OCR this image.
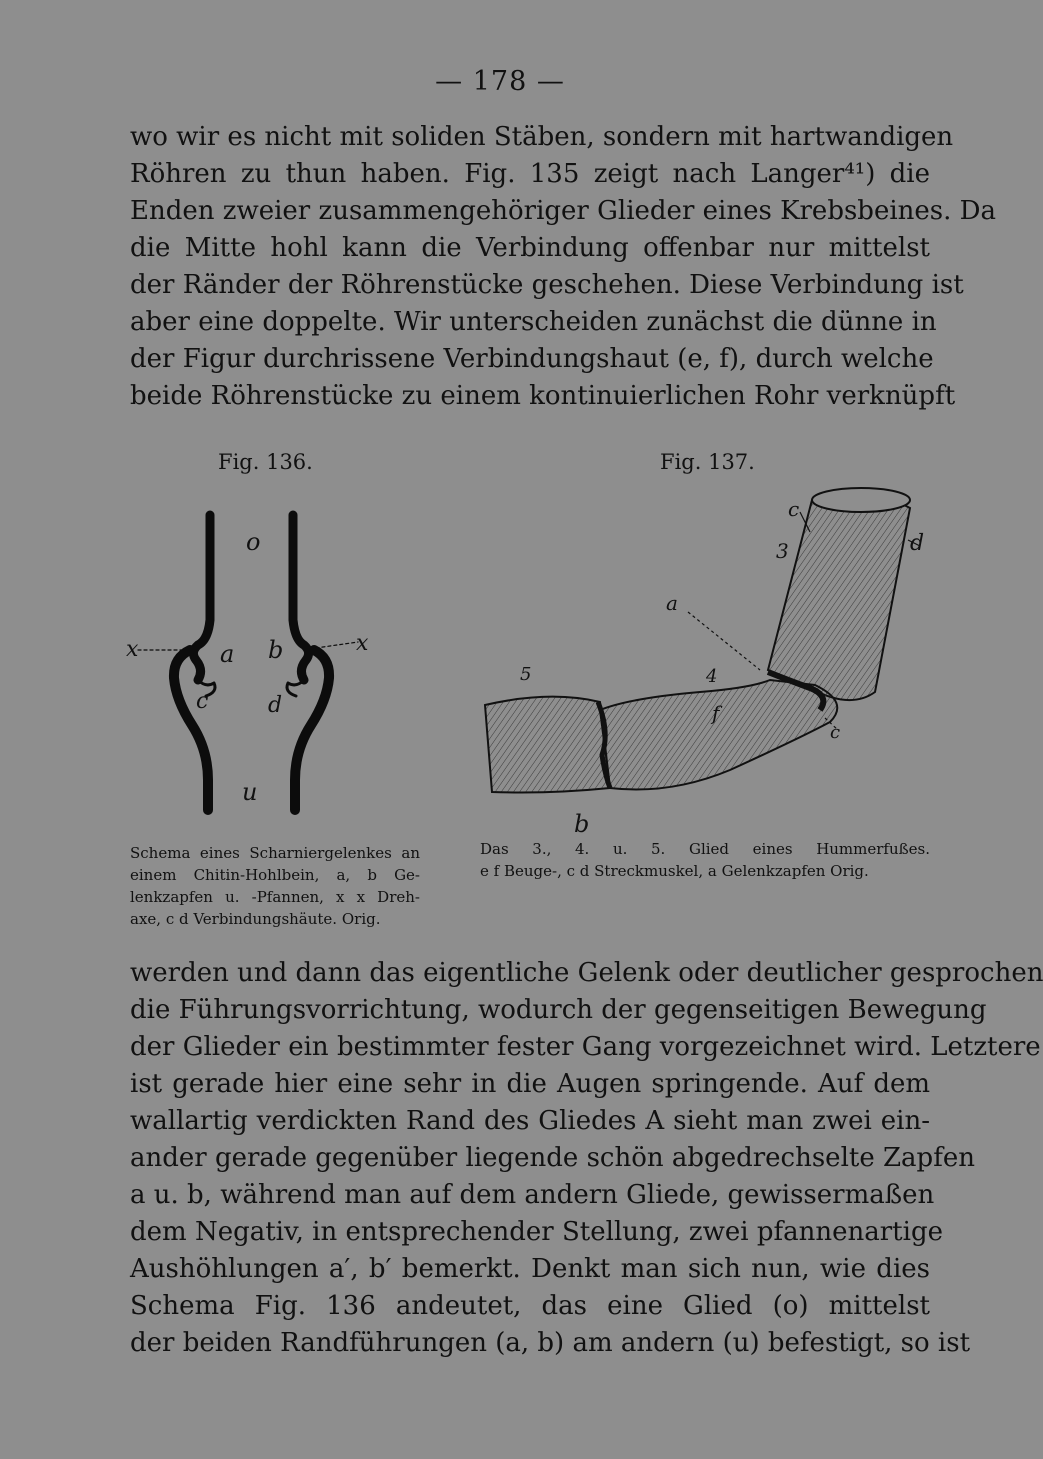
— 178 —
wo wir es nicht mit soliden Stäben, sondern mit hartwandigen
Röhren zu thun haben. Fig. 135 zeigt nach Langer⁴¹) die
Enden zweier zusammengehöriger Glieder eines Krebsbeines. Da
die Mitte hohl kann die Verbindung offenbar nur mittelst
der Ränder der Röhrenstücke geschehen. Diese Verbindung ist
aber eine doppelte. Wir unterscheiden zunächst die dünne in
der Figur durchrissene Verbindungshaut (e, f), durch welche
beide Röhrenstücke zu einem kontinuierlichen Rohr verknüpft
Fig. 136.	Fig. 137.
o
u
a b
c	d
x	x
c
3	d
a
5	4
f
c
b
Schema eines Scharniergelenkes an
einem Chitin-Hohlbein, a, b Ge-
lenkzapfen u. -Pfannen, x x Dreh-
axe, c d Verbindungshäute. Orig.
Das 3., 4. u. 5. Glied eines Hummerfußes.
e f Beuge-, c d Streckmuskel, a Gelenkzapfen Orig.
werden und dann das eigentliche Gelenk oder deutlicher gesprochen
die Führungsvorrichtung, wodurch der gegenseitigen Bewegung
der Glieder ein bestimmter fester Gang vorgezeichnet wird. Letztere
ist gerade hier eine sehr in die Augen springende. Auf dem
wallartig verdickten Rand des Gliedes A sieht man zwei ein-
ander gerade gegenüber liegende schön abgedrechselte Zapfen
a u. b, während man auf dem andern Gliede, gewissermaßen
dem Negativ, in entsprechender Stellung, zwei pfannenartige
Aushöhlungen a′, b′ bemerkt. Denkt man sich nun, wie dies
Schema Fig. 136 andeutet, das eine Glied (o) mittelst
der beiden Randführungen (a, b) am andern (u) befestigt, so ist
